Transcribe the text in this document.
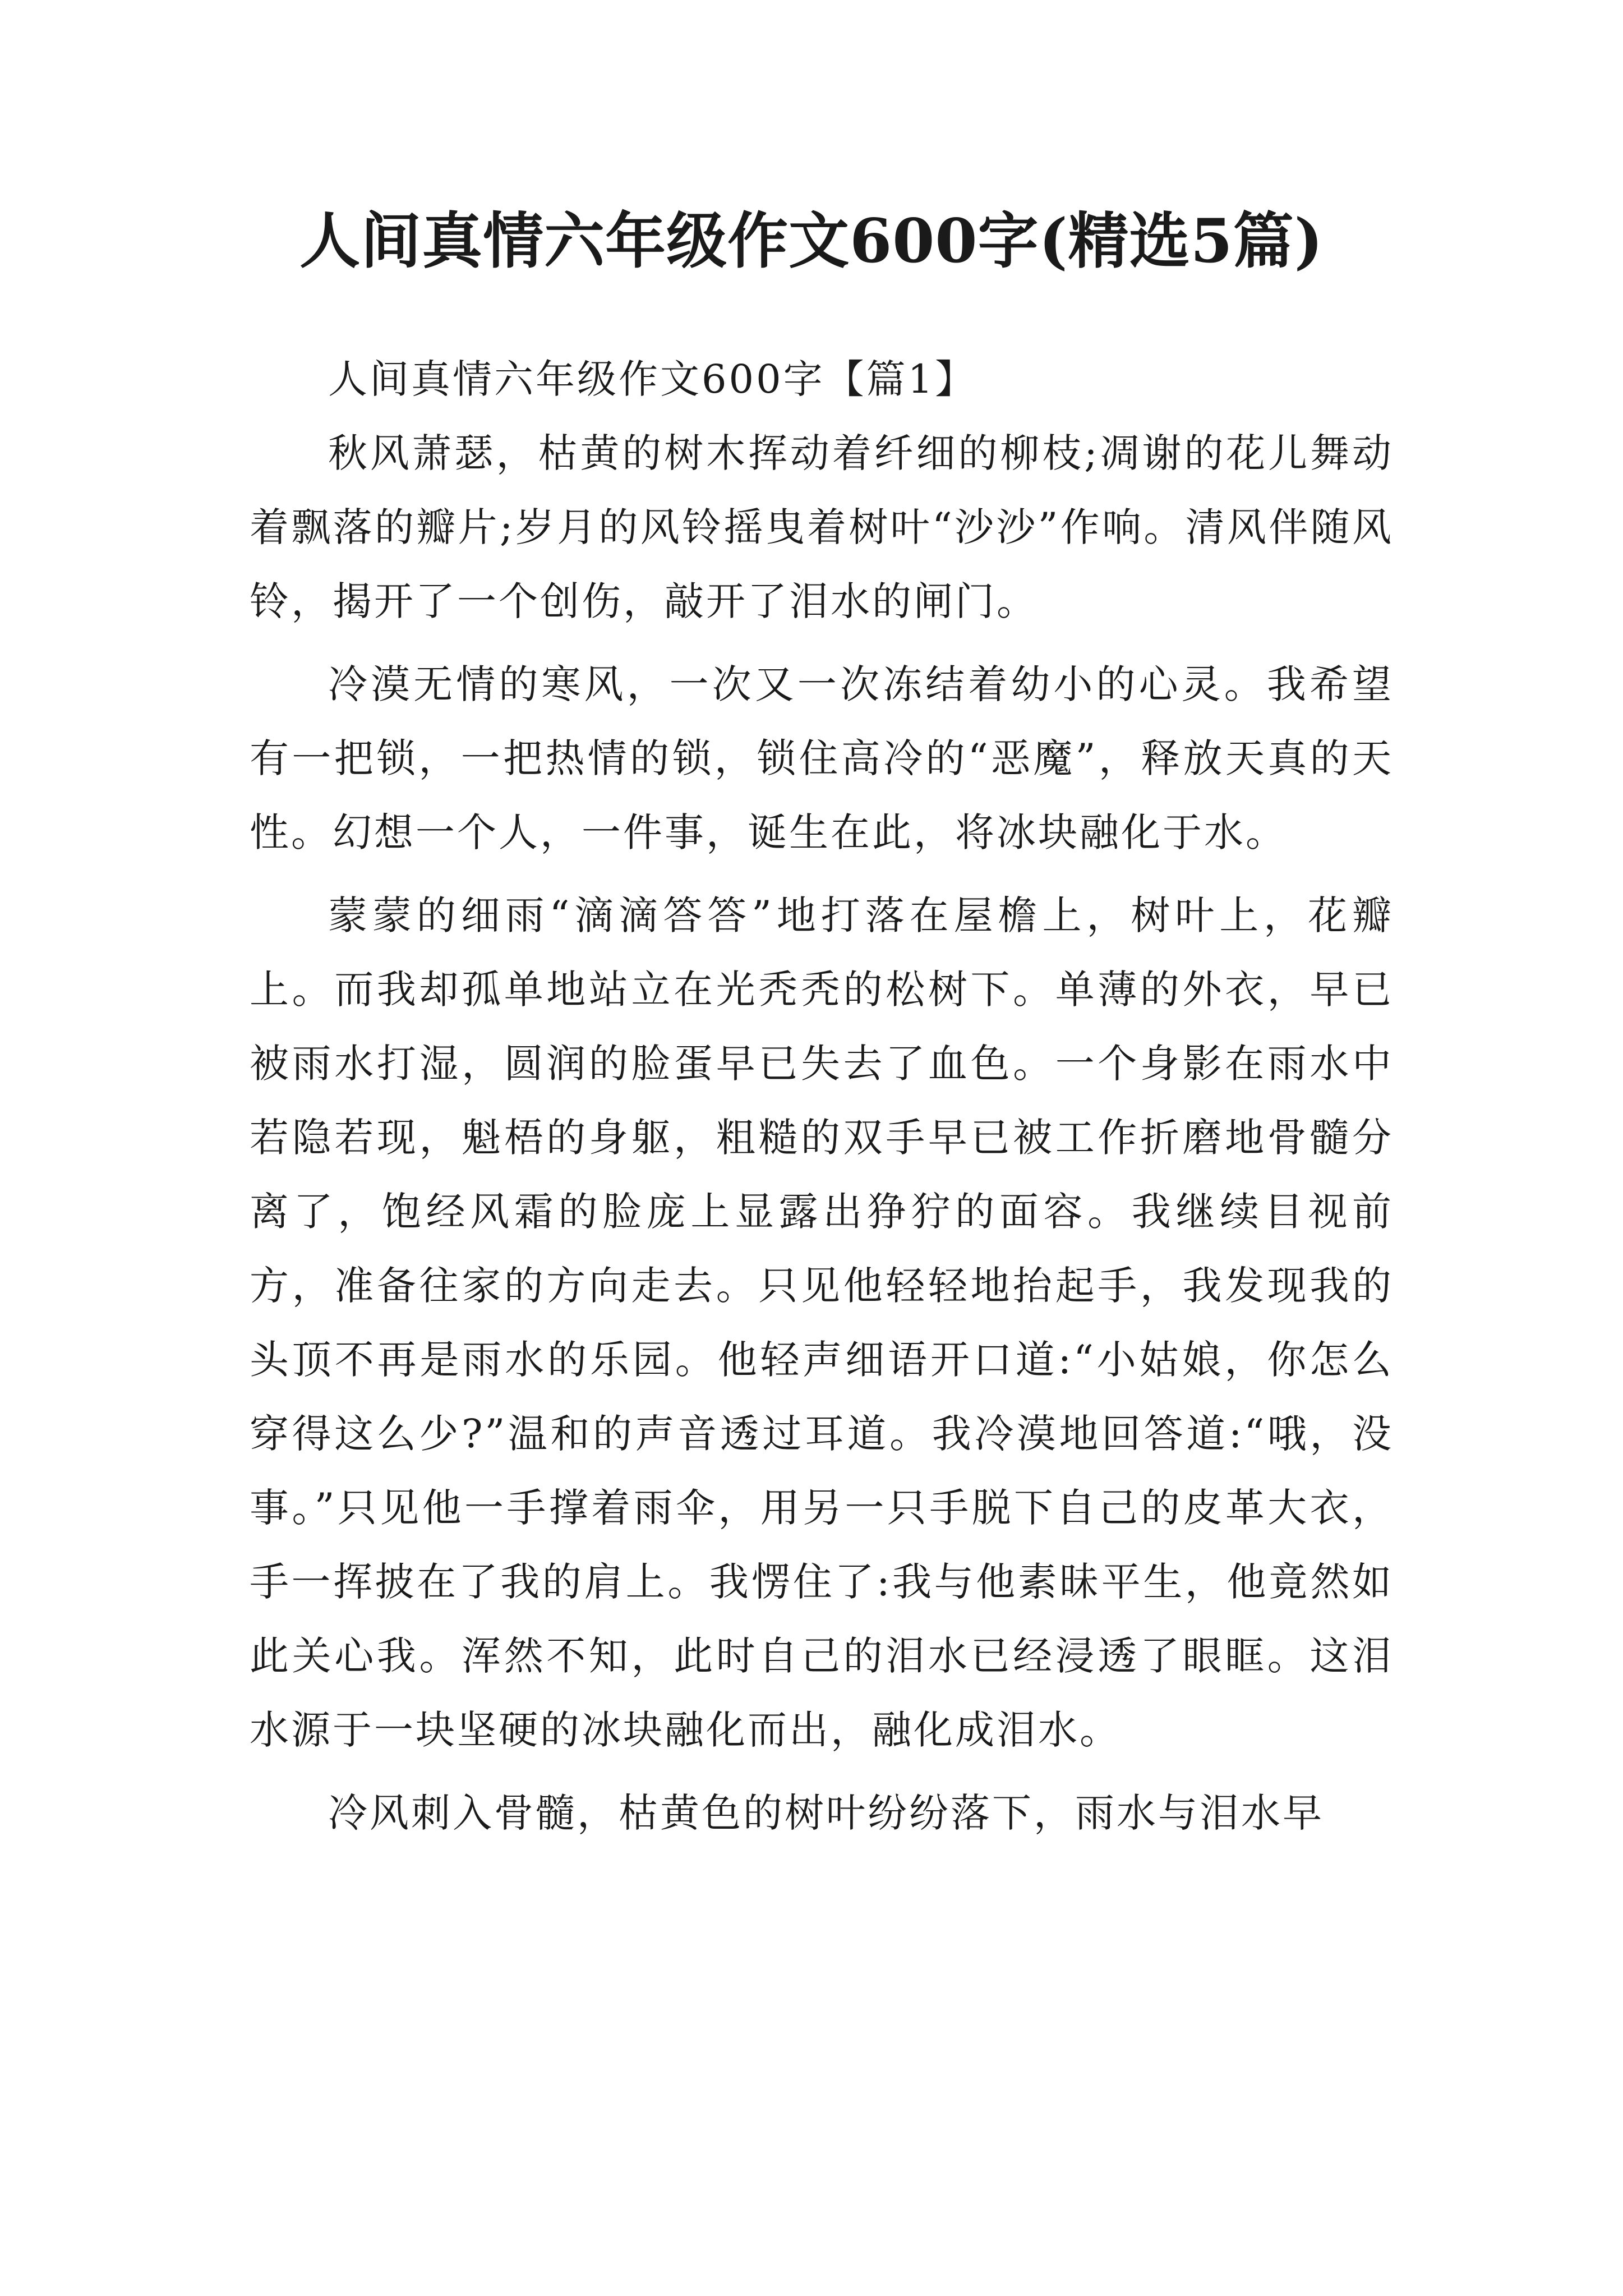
人间真情六年级作文600字(精选5篇)
人间真情六年级作文600字【篇1】

秋风萧瑟，枯黄的树木挥动着纤细的柳枝;凋谢的花儿舞动着飘落的瓣片;岁月的风铃摇曳着树叶“沙沙”作响。清风伴随风铃，揭开了一个创伤，敲开了泪水的闸门。

冷漠无情的寒风，一次又一次冻结着幼小的心灵。我希望有一把锁，一把热情的锁，锁住高冷的“恶魔”，释放天真的天性。幻想一个人，一件事，诞生在此，将冰块融化于水。

蒙蒙的细雨“滴滴答答”地打落在屋檐上，树叶上，花瓣上。而我却孤单地站立在光秃秃的松树下。单薄的外衣，早已被雨水打湿，圆润的脸蛋早已失去了血色。一个身影在雨水中若隐若现，魁梧的身躯，粗糙的双手早已被工作折磨地骨髓分离了，饱经风霜的脸庞上显露出狰狞的面容。我继续目视前方，准备往家的方向走去。只见他轻轻地抬起手，我发现我的头顶不再是雨水的乐园。他轻声细语开口道:“小姑娘，你怎么穿得这么少?”温和的声音透过耳道。我冷漠地回答道:“哦，没事。”只见他一手撑着雨伞，用另一只手脱下自己的皮革大衣，手一挥披在了我的肩上。我愣住了:我与他素昧平生，他竟然如此关心我。浑然不知，此时自己的泪水已经浸透了眼眶。这泪水源于一块坚硬的冰块融化而出，融化成泪水。

冷风刺入骨髓，枯黄色的树叶纷纷落下，雨水与泪水早
